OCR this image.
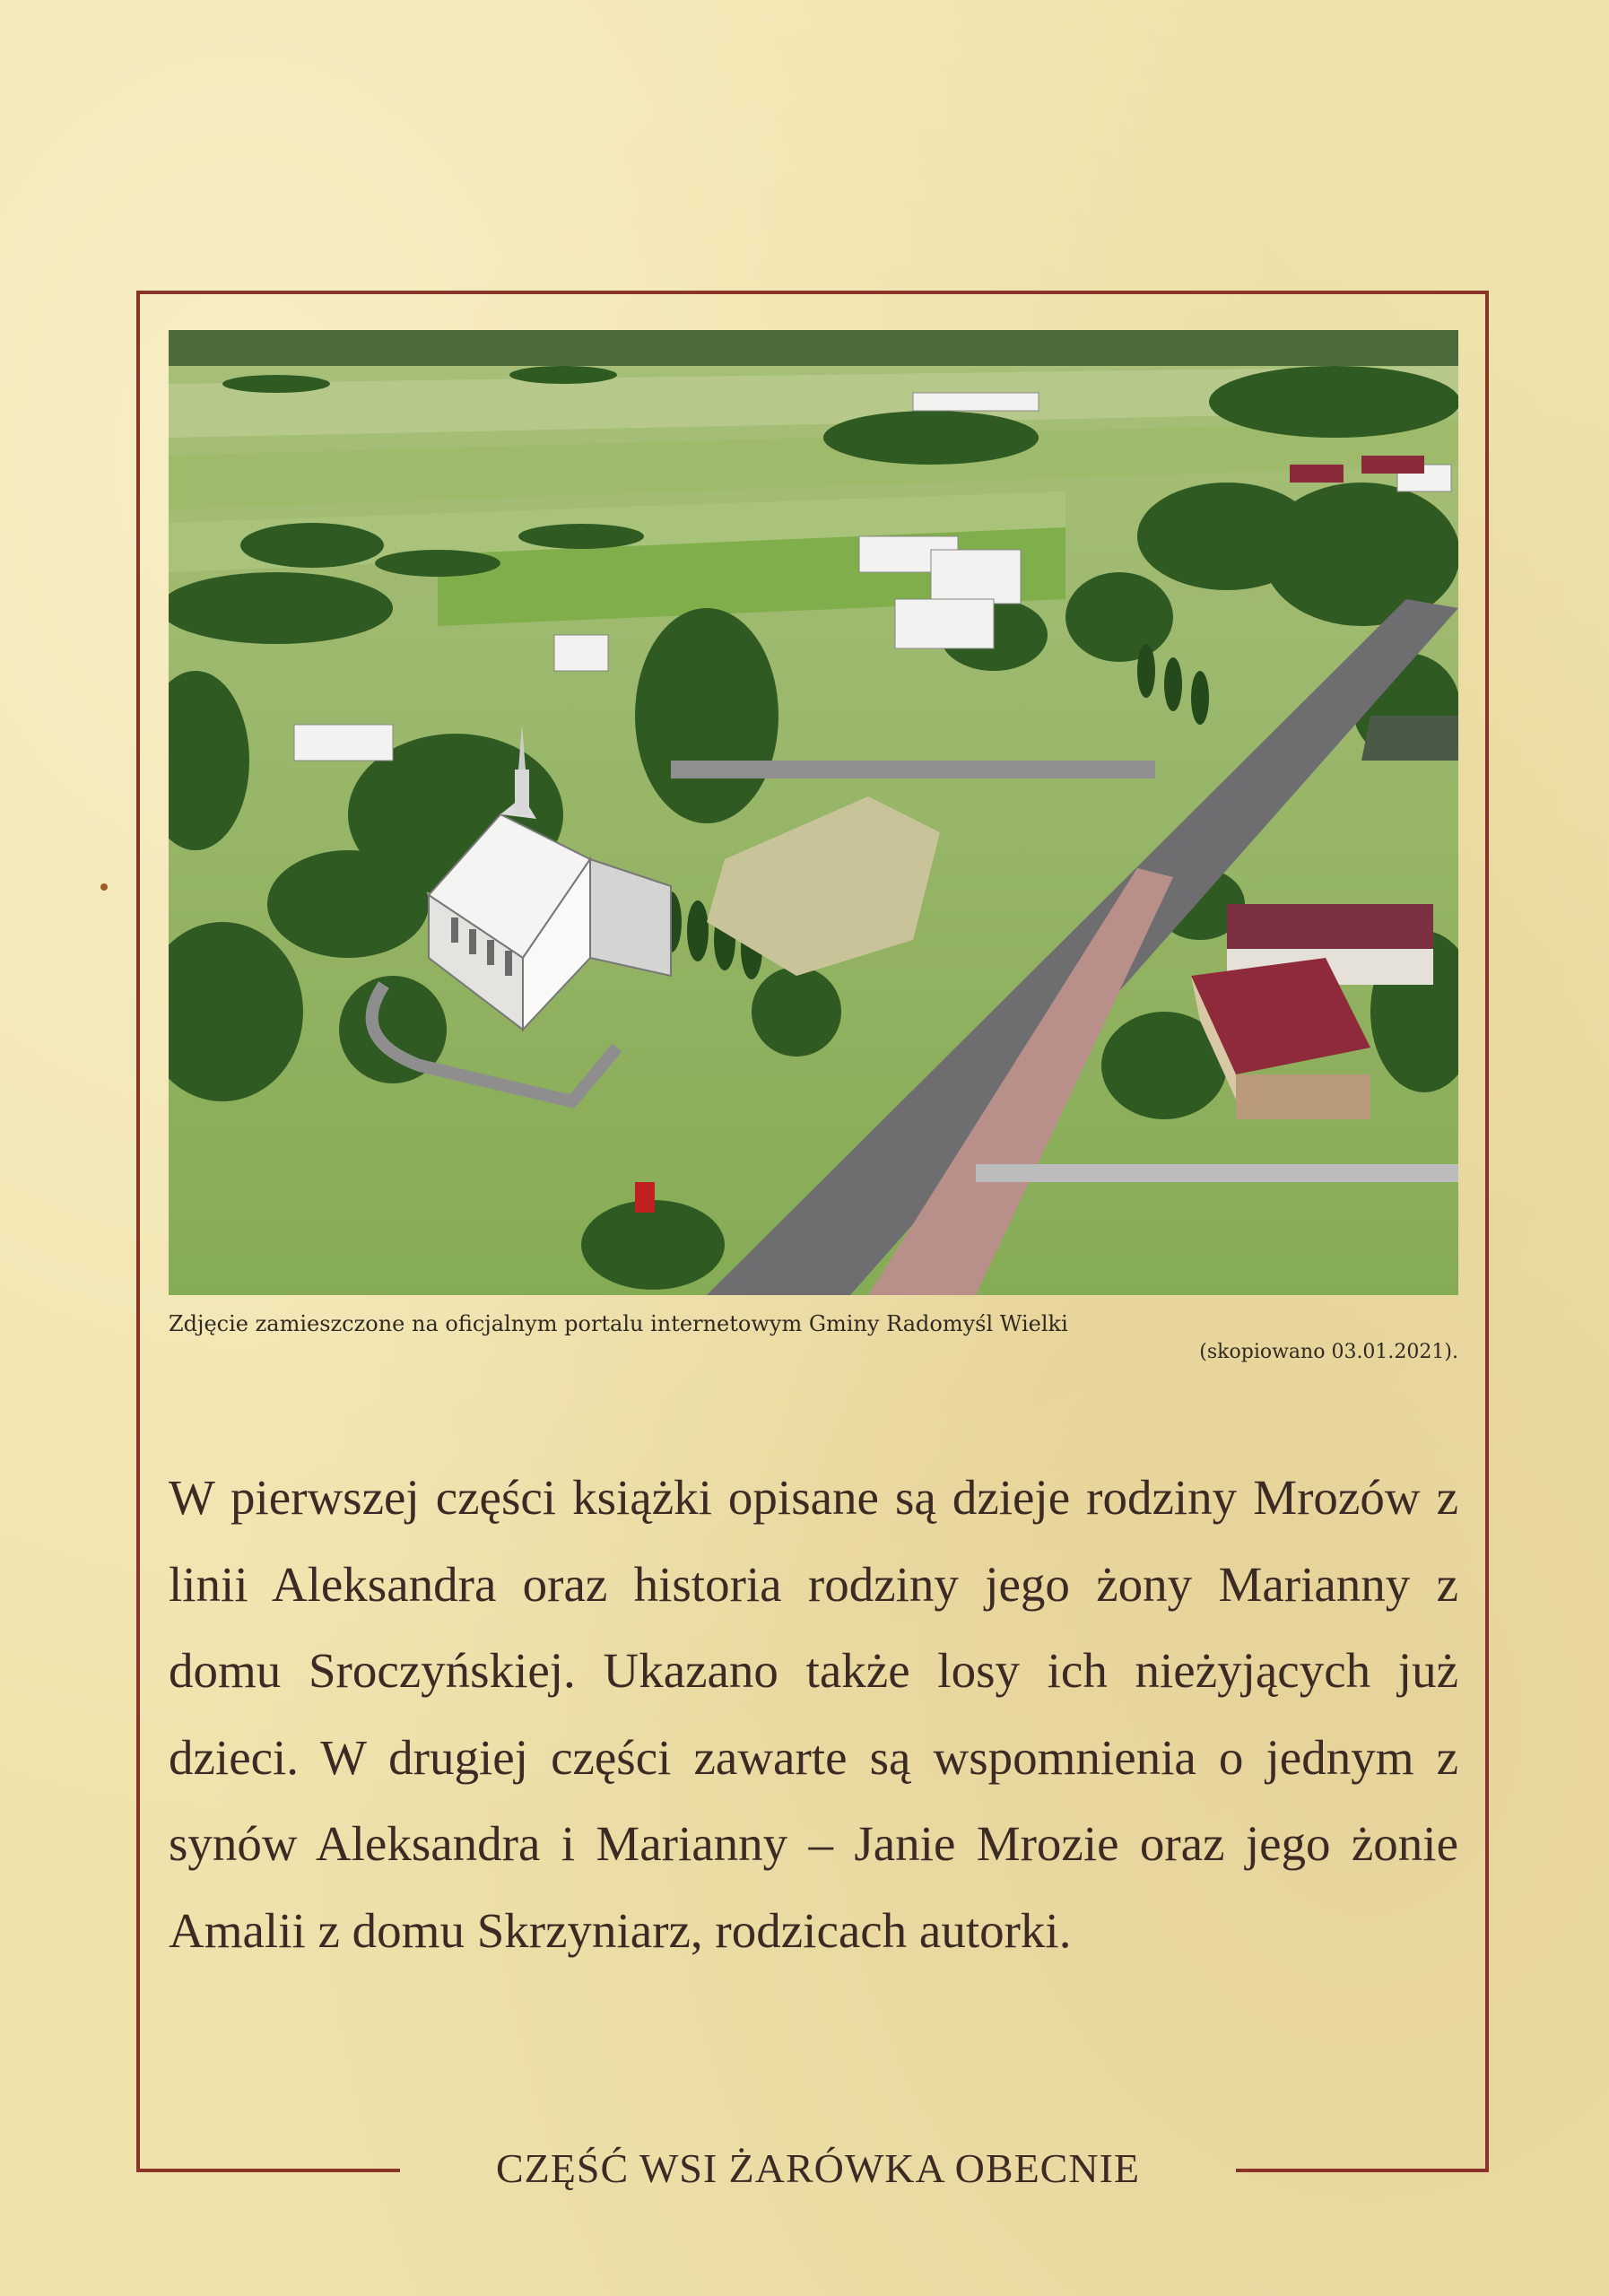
Zdjęcie zamieszczone na oficjalnym portalu internetowym Gminy Radomyśl Wielki
(skopiowano 03.01.2021).
W pierwszej części książki opisane są dzieje rodziny Mrozów z linii Aleksandra oraz historia rodziny jego żony Marianny z domu Sroczyńskiej. Ukazano także losy ich nieżyjących już dzieci. W drugiej części zawarte są wspomnienia o jednym z synów Aleksandra i Marianny – Janie Mrozie oraz jego żonie Amalii z domu Skrzyniarz, rodzicach autorki.
CZĘŚĆ WSI ŻARÓWKA OBECNIE
